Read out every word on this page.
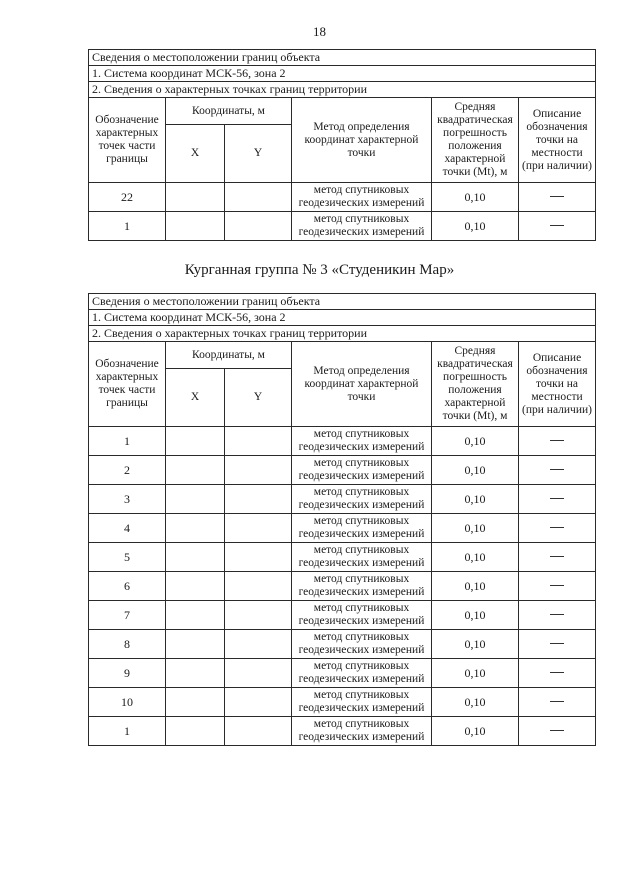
18
Сведения о местоположении границ объекта					
1. Система координат МСК-56, зона 2					
2. Сведения о характерных точках границ территории					
Обозначение характерных точек части границы	Координаты, м		Метод определения координат характерной точки	Средняя квадратическая погрешность положения характерной точки (Mt), м	Описание обозначения точки на местности (при наличии)
	X	Y			
22			метод спутниковых геодезических измерений	0,10	
1			метод спутниковых геодезических измерений	0,10	
Курганная группа № 3 «Студеникин Мар»
Сведения о местоположении границ объекта					
1. Система координат МСК-56, зона 2					
2. Сведения о характерных точках границ территории					
Обозначение характерных точек части границы	Координаты, м		Метод определения координат характерной точки	Средняя квадратическая погрешность положения характерной точки (Mt), м	Описание обозначения точки на местности (при наличии)
	X	Y			
1			метод спутниковых геодезических измерений	0,10	
2			метод спутниковых геодезических измерений	0,10	
3			метод спутниковых геодезических измерений	0,10	
4			метод спутниковых геодезических измерений	0,10	
5			метод спутниковых геодезических измерений	0,10	
6			метод спутниковых геодезических измерений	0,10	
7			метод спутниковых геодезических измерений	0,10	
8			метод спутниковых геодезических измерений	0,10	
9			метод спутниковых геодезических измерений	0,10	
10			метод спутниковых геодезических измерений	0,10	
1			метод спутниковых геодезических измерений	0,10	
